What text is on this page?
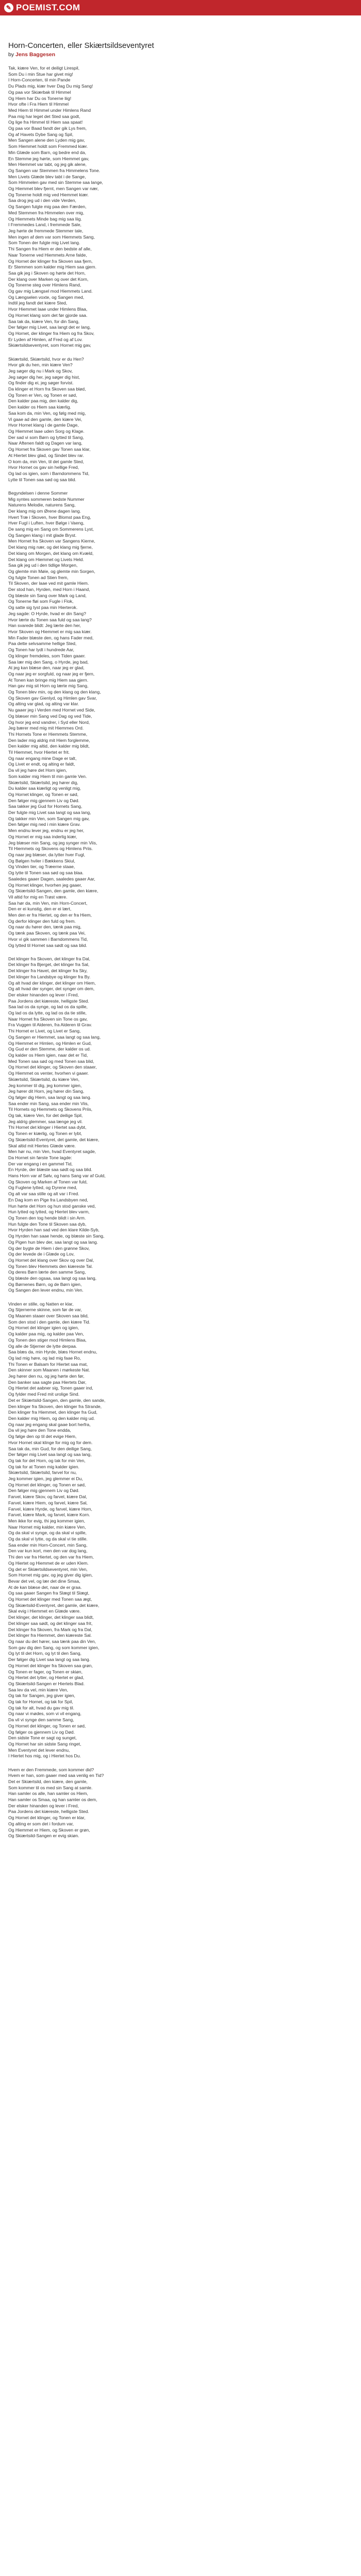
✎ POEMIST.COM
Horn-Concerten, eller Skiærtsildseventyret
by Jens Baggesen
Tak, kiære Ven, for et deiligt Lirespil,
Som Du i min Stue har givet mig!
I Horn-Concerten, til min Pande
Du Plads mig, kiær hver Dag Du mig Sang!
Og paa vor Skiærbak til Himmel
Og Hiem har Du os Tonerne liig!
Hvor ofte i Fra Hiem til Himmel
Med Hiem til Himmel under Himlens Rand
Paa mig har leget det Sted saa godt,
Og lige fra Himmel til Hiem saa spaat!
Og paa vor Baad fandt der gik Lys frem,
Og af Havets Dybe Sang og Spil,
Men Sangen alene den Lyden mig gav,
Som Hiemmet holdt som Fremmed kiær.
Min Glæde som Barn, og bedre end da,
En Stemme jeg hørte, som Hiemmet gav,
Men Hiemmet var tabt, og jeg gik alene,
Og Sangen var Stemmen fra Himmelens Tone.
Men Livets Glæde blev tabt i de Sange,
Som Himmelen gav med sin Stemme saa lange,
Og Hiemmet blev fjernt, men Sangen var nær,
Og Tonerne holdt mig ved Hiemmet kiær.
Saa drog jeg ud i den vide Verden,
Og Sangen fulgte mig paa den Færden,
Med Stemmen fra Himmelen over mig,
Og Hiemmets Minde bag mig saa liig.
I Fremmedes Land, i fremmede Sale,
Jeg hørte de fremmede Stemmer tale,
Men ingen af dem var som Hiemmets Sang,
Som Tonen der fulgte mig Livet lang.
Thi Sangen fra Hiem er den bedste af alle,
Naar Tonerne ved Hiemmets Arne falde,
Og Hornet der klinger fra Skoven saa fjern,
Er Stemmen som kalder mig Hiem saa gjern.
Saa gik jeg i Skoven og hørte det Horn,
Der klang over Marken og over det Korn,
Og Tonerne steg over Himlens Rand,
Og gav mig Længsel mod Hiemmets Land.
Og Længselen voxte, og Sangen med,
Indtil jeg fandt det kiære Sted,
Hvor Hiemmet laae under Himlens Blaa,
Og Hornet klang som det før gjorde saa.
Saa tak da, kiære Ven, for din Sang,
Der følger mig Livet, saa langt det er lang,
Og Hornet, der klinger fra Hiem og fra Skov,
Er Lyden af Himlen, af Fred og af Lov.
Skiærtsildseventyret, som Hornet mig gav,
Skiærtsild, Skiærtsild, hvor er du Hen?
Hvor gik du hen, min kiære Ven?
Jeg søger dig nu i Mark og Skov,
Jeg søger dig her, jeg søger dig hist,
Og finder dig ei, jeg søger forvist.
Da klinger et Horn fra Skoven saa blød,
Og Tonen er Ven, og Tonen er sød,
Den kalder paa mig, den kalder dig,
Den kalder os Hiem saa kiærlig.
Saa kom da, min Ven, og følg med mig,
Vi gaae ad den gamle, den kiære Vei,
Hvor Hornet klang i de gamle Dage,
Og Hiemmet laae uden Sorg og Klage.
Der sad vi som Børn og lytted til Sang,
Naar Aftenen faldt og Dagen var lang,
Og Hornet fra Skoven gav Tonen saa klar,
At Hiertet blev glad, og Sindet blev rar.
O kom da, min Ven, til det gamle Sted,
Hvor Hornet os gav sin hellige Fred,
Og lad os igien, som i Barndommens Tid,
Lytte til Tonen saa sød og saa blid.
Begyndelsen i denne Sommer
Mig syntes sommeren bedste Nummer
Naturens Melodie, naturens Sang,
Der klang mig om Ørene dagen lang.
Hvert Træ i Skoven, hver Blomst paa Eng,
Hver Fugl i Luften, hver Bølge i Vaeng,
De sang mig en Sang om Sommerens Lyst,
Og Sangen klang i mit glade Bryst.
Men Hornet fra Skoven var Sangens Kierne,
Det klang mig nær, og det klang mig fjerne,
Det klang om Morgen, det klang om Kvæld,
Det klang om Hiemmet og Livets Held.
Saa gik jeg ud i den tidlige Morgen,
Og glemte min Møie, og glemte min Sorgen,
Og fulgte Tonen ad Stien frem,
Til Skoven, der laae ved mit gamle Hiem.
Der stod han, Hyrden, med Horn i Haand,
Og blæste sin Sang over Mark og Land,
Og Tonerne fløi som Fugle i Flok,
Og satte sig tyst paa min Hierterok.
Jeg sagde: O Hyrde, hvad er din Sang?
Hvor lærte du Tonen saa fuld og saa lang?
Han svarede blidt: Jeg lærte den her,
Hvor Skoven og Hiemmet er mig saa kiær.
Min Fader blæste den, og hans Fader med,
Paa dette selvsamme hellige Sted,
Og Tonen har lydt i hundrede Aar,
Og klinger fremdeles, som Tiden gaaer.
Saa lær mig den Sang, o Hyrde, jeg bad,
At jeg kan blæse den, naar jeg er glad,
Og naar jeg er sorgfuld, og naar jeg er fjern,
At Tonen kan bringe mig Hiem saa gjern.
Han gav mig sit Horn og lærte mig Sang,
Og Tonen blev min, og den klang og den klang,
Og Skoven gav Gienlyd, og Himlen gav Svar,
Og alting var glad, og alting var klar.
Nu gaaer jeg i Verden med Hornet ved Side,
Og blæser min Sang ved Dag og ved Tide,
Og hvor jeg end vandrer, i Syd eller Nord,
Jeg bærer med mig mit Hiemmes Ord.
Thi Hornets Tone er Hiemmets Stemme,
Den lader mig aldrig mit Hiem forglemme,
Den kalder mig altid, den kalder mig blidt,
Til Hiemmet, hvor Hiertet er frit.
Og naar engang mine Dage er talt,
Og Livet er endt, og alting er faldt,
Da vil jeg høre det Horn igien,
Som kalder mig Hiem til min gamle Ven.
Skiærtsild, Skiærtsild, jeg hører dig,
Du kalder saa kiærligt og venligt mig,
Og Hornet klinger, og Tonen er sød,
Den følger mig gjennem Liv og Død.
Saa takker jeg Gud for Hornets Sang,
Der fulgte mig Livet saa langt og saa lang,
Og takker min Ven, som Sangen mig gav,
Den følger mig ned i min kiære Grav.
Men endnu lever jeg, endnu er jeg her,
Og Hornet er mig saa inderlig kiær,
Jeg blæser min Sang, og jeg synger min Viis,
Til Hiemmets og Skovens og Himlens Priis.
Og naar jeg blæser, da lytter hver Fugl,
Og Bølgen hviler i Bækkens Skiul,
Og Vinden tier, og Træerne staae,
Og lytte til Tonen saa sød og saa blaa.
Saaledes gaaer Dagen, saaledes gaaer Aar,
Og Hornet klinger, hvorhen jeg gaaer,
Og Skiærtsild-Sangen, den gamle, den kiære,
Vil altid for mig en Trøst være.
Saa hør da, min Ven, min Horn-Concert,
Den er ei kunstig, den er ei lært,
Men den er fra Hiertet, og den er fra Hiem,
Og derfor klinger den fuld og frem.
Og naar du hører den, tænk paa mig,
Og tænk paa Skoven, og tænk paa Vei,
Hvor vi gik sammen i Barndommens Tid,
Og lytted til Hornet saa sødt og saa blid.
Det klinger fra Skoven, det klinger fra Dal,
Det klinger fra Bjerget, det klinger fra Sal,
Det klinger fra Havet, det klinger fra Sky,
Det klinger fra Landsbye og klinger fra By.
Og alt hvad der klinger, det klinger om Hiem,
Og alt hvad der synger, det synger om dem,
Der elsker hinanden og lever i Fred,
Paa Jordens det kiæreste, helligste Sted.
Saa lad os da synge, og lad os da spille,
Og lad os da lytte, og lad os da tie stille,
Naar Hornet fra Skoven sin Tone os gav,
Fra Vuggen til Alderen, fra Alderen til Grav.
Thi Hornet er Livet, og Livet er Sang,
Og Sangen er Hiemmet, saa langt og saa lang,
Og Hiemmet er Himlen, og Himlen er Gud,
Og Gud er den Stemme, der kalder os ud.
Og kalder os Hiem igien, naar det er Tid,
Med Tonen saa sød og med Tonen saa blid,
Og Hornet det klinger, og Skoven den staaer,
Og Hiemmet os venter, hvorhen vi gaaer.
Skiærtsild, Skiærtsild, du kiære Ven,
Jeg kommer til dig, jeg kommer igien,
Jeg hører dit Horn, jeg hører din Sang,
Og følger dig Hiem, saa langt og saa lang.
Saa ender min Sang, saa ender min Viis,
Til Hornets og Hiemmets og Skovens Priis,
Og tak, kiære Ven, for det deilige Spil,
Jeg aldrig glemmer, saa længe jeg vil.
Thi Hornet det klinger i Hiertet saa dybt,
Og Tonen er kiærlig, og Tonen er lybt,
Og Skiærtsild-Eventyret, det gamle, det kiære,
Skal altid mit Hiertes Glæde være.
Men hør nu, min Ven, hvad Eventyret sagde,
Da Hornet sin første Tone lagde:
Der var engang i en gammel Tid,
En Hyrde, der blæste saa sødt og saa blid.
Hans Horn var af Sølv, og hans Sang var af Guld,
Og Skoven og Marken af Tonen var fuld,
Og Fuglene lytted, og Dyrene med,
Og alt var saa stille og alt var i Fred.
En Dag kom en Pige fra Landsbyen ned,
Hun hørte det Horn og hun stod ganske ved,
Hun lytted og lytted, og Hiertet blev varm,
Og Tonen den tog hende blidt i sin Arm.
Hun fulgte den Tone til Skoven saa dyb,
Hvor Hyrden han sad ved den klare Kilde-Syb,
Og Hyrden han saae hende, og blæste sin Sang,
Og Pigen hun blev der, saa langt og saa lang.
Og der bygte de Hiem i den grønne Skov,
Og der levede de i Glæde og Lov,
Og Hornet det klang over Skov og over Dal,
Og Tonen blev Hiemmets den kiæreste Tal.
Og deres Børn lærte den samme Sang,
Og blæste den ogsaa, saa langt og saa lang,
Og Børnenes Børn, og de Børn igien,
Og Sangen den lever endnu, min Ven.
Vinden er stille, og Natten er klar,
Og Stjernerne skinne, som før de var,
Og Maanen staaer over Skoven saa blid,
Som den stod i den gamle, den kiære Tid.
Og Hornet det klinger igien og igien,
Og kalder paa mig, og kalder paa Ven,
Og Tonen den stiger mod Himlens Blaa,
Og alle de Stjerner de lytte derpaa.
Saa blæs da, min Hyrde, blæs Hornet endnu,
Og lad mig høre, og lad mig faae Ro,
Thi Tonen er Balsam for Hiertet saa mat,
Den skinner som Maanen i mørkeste Nat.
Jeg hører den nu, og jeg hørte den før,
Den banker saa sagte paa Hiertets Dør,
Og Hiertet det aabner sig, Tonen gaaer ind,
Og fylder med Fred mit urolige Sind.
Det er Skiærtsild-Sangen, den gamle, den sande,
Den klinger fra Skoven, den klinger fra Strande,
Den klinger fra Hiemmet, den klinger fra Gud,
Den kalder mig Hiem, og den kalder mig ud.
Og naar jeg engang skal gaae bort herfra,
Da vil jeg høre den Tone endda,
Og følge den op til det evige Hiem,
Hvor Hornet skal klinge for mig og for dem.
Saa tak da, min Gud, for den deilige Sang,
Der følger mig Livet saa langt og saa lang,
Og tak for det Horn, og tak for min Ven,
Og tak for at Tonen mig kalder igien.
Skiærtsild, Skiærtsild, farvel for nu,
Jeg kommer igien, jeg glemmer ei Du,
Og Hornet det klinger, og Tonen er sød,
Den følger mig gjennem Liv og Død.
Farvel, kiære Skov, og farvel, kiære Dal,
Farvel, kiære Hiem, og farvel, kiære Sal,
Farvel, kiære Hyrde, og farvel, kiære Horn,
Farvel, kiære Mark, og farvel, kiære Korn.
Men ikke for evig, thi jeg kommer igien,
Naar Hornet mig kalder, min kiære Ven,
Og da skal vi synge, og da skal vi spille,
Og da skal vi lytte, og da skal vi tie stille.
Saa ender min Horn-Concert, min Sang,
Den var kun kort, men den var dog lang,
Thi den var fra Hiertet, og den var fra Hiem,
Og Hiertet og Hiemmet de er uden Klem.
Og det er Skiærtsildseventyret, min Ven,
Som Hornet mig gav, og jeg giver dig igien,
Bevar det vel, og lær det dine Smaa,
At de kan blæse det, naar de er graa.
Og saa gaaer Sangen fra Slægt til Slægt,
Og Hornet det klinger med Tonen saa ægt,
Og Skiærtsild-Eventyret, det gamle, det kiære,
Skal evig i Hiemmet en Glæde være.
Det klinger, det klinger, det klinger saa blidt,
Det klinger saa sødt, og det klinger saa frit,
Det klinger fra Skoven, fra Mark og fra Dal,
Det klinger fra Hiemmet, den kiæreste Sal.
Og naar du det hører, saa tænk paa din Ven,
Som gav dig den Sang, og som kommer igien,
Og lyt til det Horn, og lyt til den Sang,
Der følger dig Livet saa langt og saa lang.
Og Hornet det klinger fra Skoven saa grøn,
Og Tonen er fager, og Tonen er skiøn,
Og Hiertet det lytter, og Hiertet er glad,
Og Skiærtsild-Sangen er Hiertets Blad.
Saa lev da vel, min kiære Ven,
Og tak for Sangen, jeg giver igien,
Og tak for Hornet, og tak for Spil,
Og tak for alt, hvad du gav mig til.
Og naar vi mødes, som vi vil engang,
Da vil vi synge den samme Sang,
Og Hornet det klinger, og Tonen er sød,
Og følger os gjennem Liv og Død.
Den sidste Tone er sagt og sunget,
Og Hornet har sin sidste Sang ringet,
Men Eventyret det lever endnu,
I Hiertet hos mig, og i Hiertet hos Du.
Hvem er den Fremmede, som kommer did?
Hvem er han, som gaaer med saa venlig en Tid?
Det er Skiærtsild, den kiære, den gamle,
Som kommer til os med sin Sang at samle.
Han samler os alle, han samler os Hiem,
Han samler os Smaa, og han samler os dem,
Der elsker hinanden og lever i Fred,
Paa Jordens det kiæreste, helligste Sted.
Og Hornet det klinger, og Tonen er klar,
Og alting er som det i fordum var,
Og Hiemmet er Hiem, og Skoven er grøn,
Og Skiærtsild-Sangen er evig skiøn.
